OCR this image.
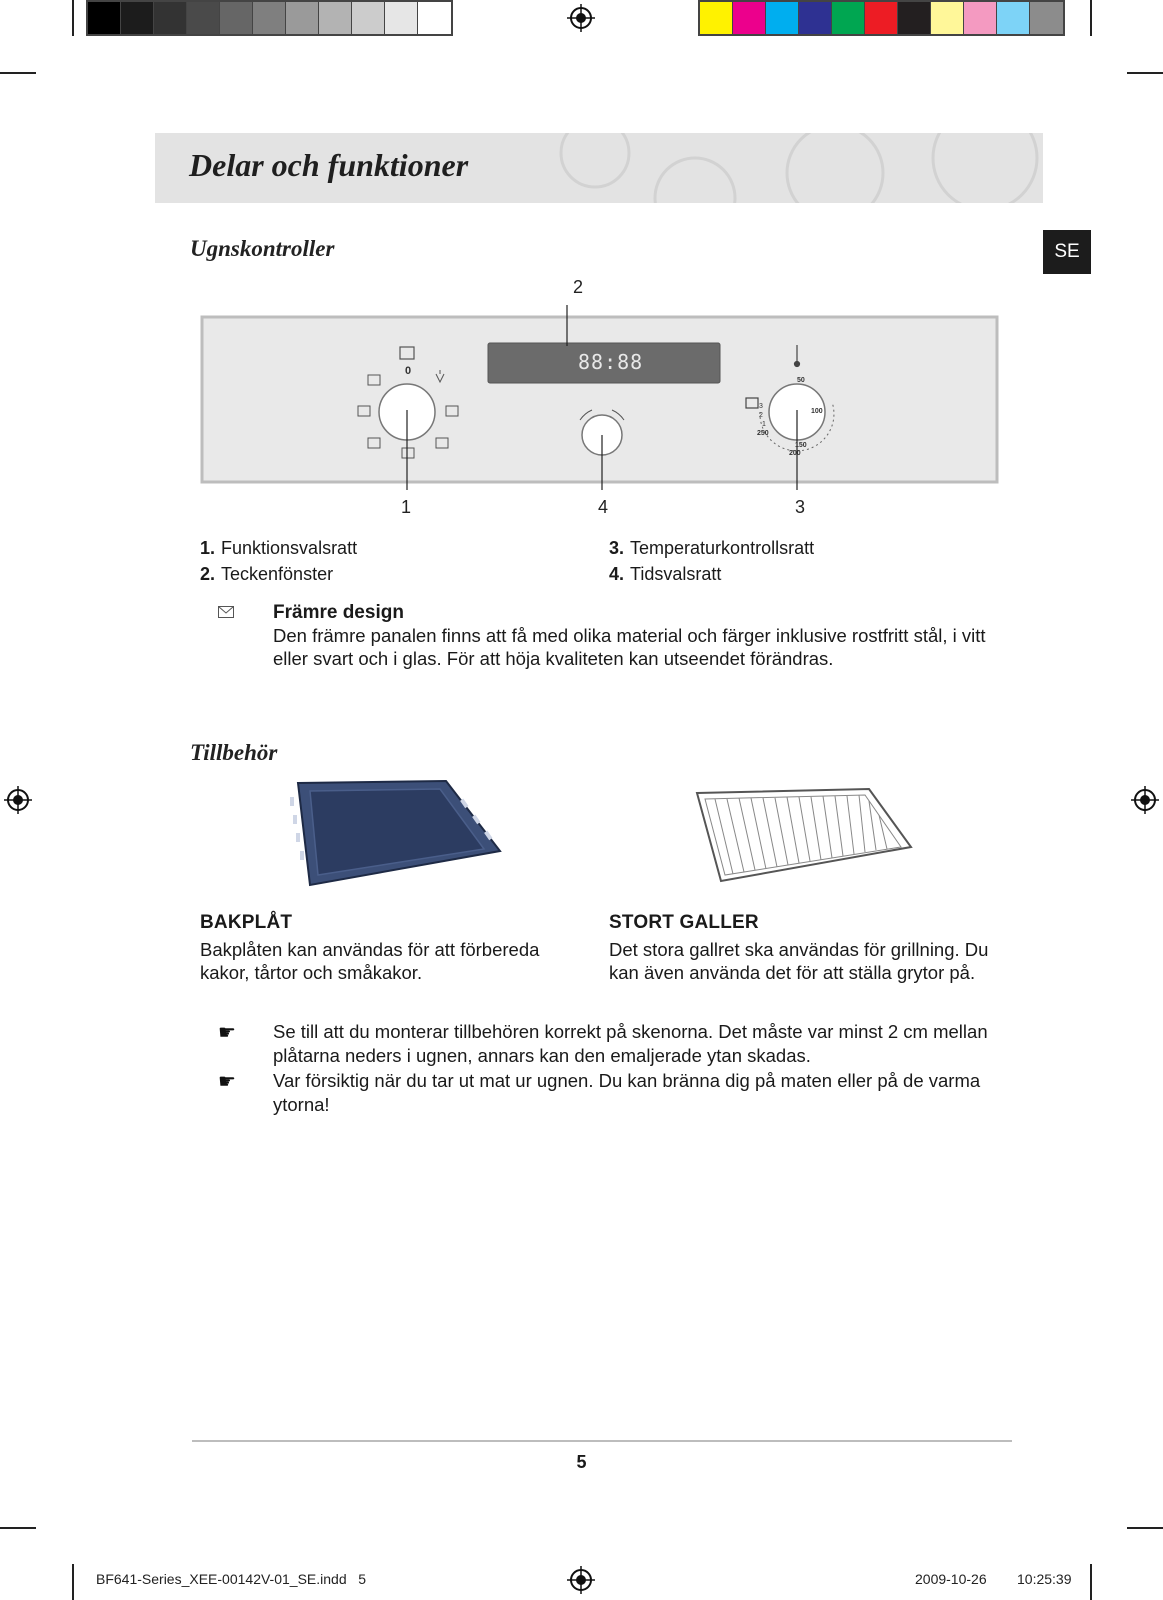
Delar och funktioner
SE
Ugnskontroller
2
88:88
0
50
100
150
200
250
3
2
1
1	4	3
1. Funktionsvalsratt
2. Teckenfönster
3. Temperaturkontrollsratt
4. Tidsvalsratt
Främre design
Den främre panalen finns att få med olika material och färger inklusive rostfritt stål, i vitt eller svart och i glas. För att höja kvaliteten kan utseendet förändras.
Tillbehör
BAKPLÅT
Bakplåten kan användas för att förbereda kakor, tårtor och småkakor.
STORT GALLER
Det stora gallret ska användas för grillning. Du kan även använda det för att ställa grytor på.
☛ Se till att du monterar tillbehören korrekt på skenorna. Det måste var minst 2 cm mellan plåtarna neders i ugnen, annars kan den emaljerade ytan skadas.
☛ Var försiktig när du tar ut mat ur ugnen. Du kan bränna dig på maten eller på de varma ytorna!
5
BF641-Series_XEE-00142V-01_SE.indd   5	2009-10-26 10:25:39
